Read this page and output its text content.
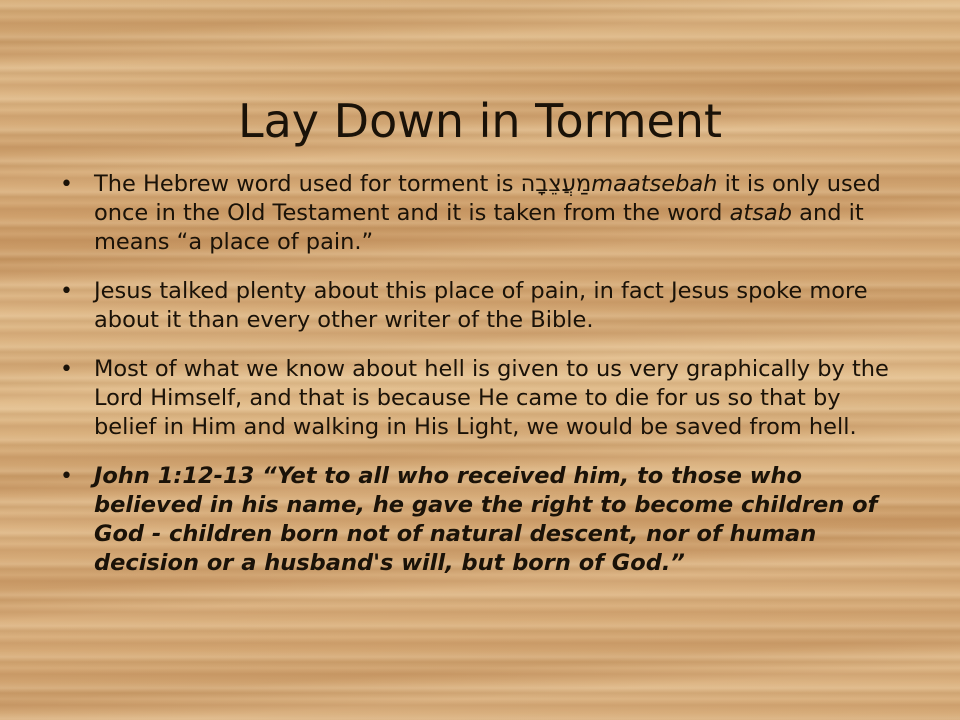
Lay Down in Torment
• The Hebrew word used for torment is מַעֲצֵבָהmaatsebah it is only used once in the Old Testament and it is taken from the word atsab and it means “a place of pain.”
• Jesus talked plenty about this place of pain, in fact Jesus spoke more about it than every other writer of the Bible.
• Most of what we know about hell is given to us very graphically by the Lord Himself, and that is because He came to die for us so that by belief in Him and walking in His Light, we would be saved from hell.
• John 1:12-13 “Yet to all who received him, to those who believed in his name, he gave the right to become children of God - children born not of natural descent, nor of human decision or a husband's will, but born of God.”
